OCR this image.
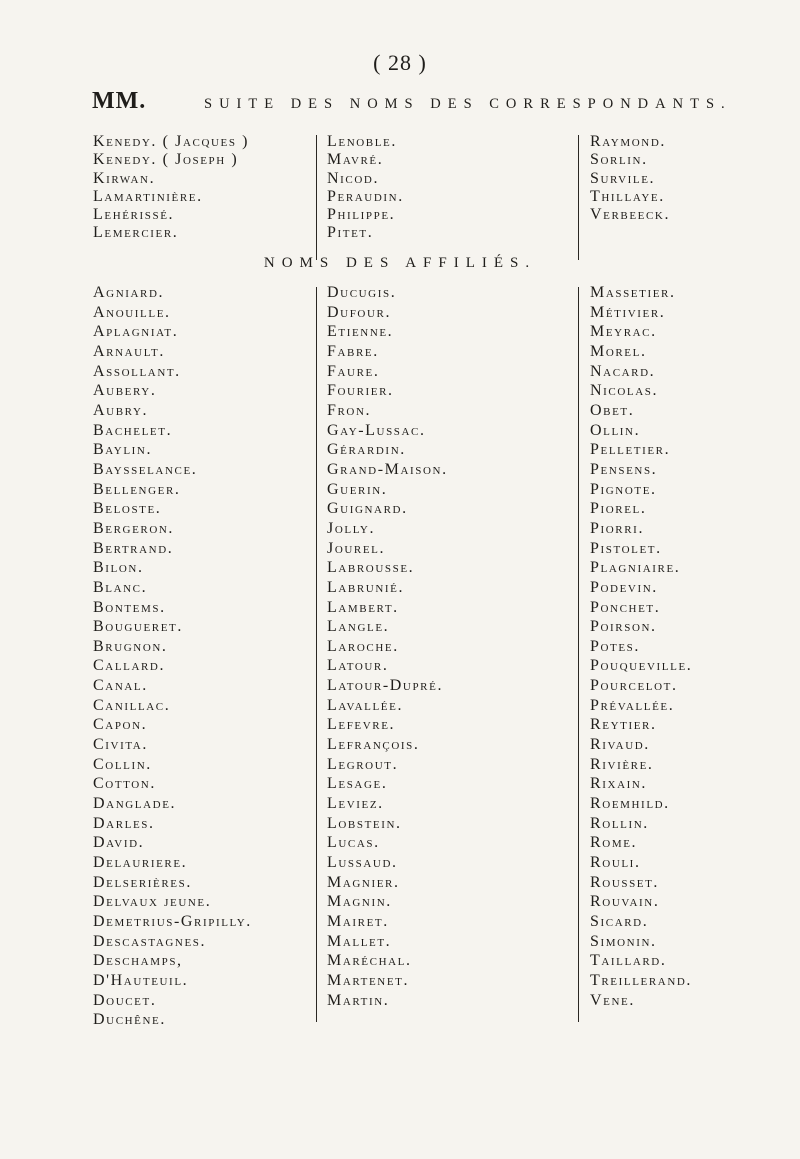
( 28 )
MM.	SUITE DES NOMS DES CORRESPONDANTS.
Kenedy. ( Jacques )
Kenedy. ( Joseph )
Kirwan.
Lamartinière.
Lehérissé.
Lemercier.
Lenoble.
Mavré.
Nicod.
Peraudin.
Philippe.
Pitet.
Raymond.
Sorlin.
Survile.
Thillaye.
Verbeeck.
NOMS DES AFFILIÉS.
Agniard.
Anouille.
Aplagniat.
Arnault.
Assollant.
Aubery.
Aubry.
Bachelet.
Baylin.
Baysselance.
Bellenger.
Beloste.
Bergeron.
Bertrand.
Bilon.
Blanc.
Bontems.
Bougueret.
Brugnon.
Callard.
Canal.
Canillac.
Capon.
Civita.
Collin.
Cotton.
Danglade.
Darles.
David.
Delauriere.
Delserières.
Delvaux jeune.
Demetrius-Gripilly.
Descastagnes.
Deschamps,
D'Hauteuil.
Doucet.
Duchêne.
Ducugis.
Dufour.
Etienne.
Fabre.
Faure.
Fourier.
Fron.
Gay-Lussac.
Gérardin.
Grand-Maison.
Guerin.
Guignard.
Jolly.
Jourel.
Labrousse.
Labrunié.
Lambert.
Langle.
Laroche.
Latour.
Latour-Dupré.
Lavallée.
Lefevre.
Lefrançois.
Legrout.
Lesage.
Leviez.
Lobstein.
Lucas.
Lussaud.
Magnier.
Magnin.
Mairet.
Mallet.
Maréchal.
Martenet.
Martin.
Massetier.
Métivier.
Meyrac.
Morel.
Nacard.
Nicolas.
Obet.
Ollin.
Pelletier.
Pensens.
Pignote.
Piorel.
Piorri.
Pistolet.
Plagniaire.
Podevin.
Ponchet.
Poirson.
Potes.
Pouqueville.
Pourcelot.
Prévallée.
Reytier.
Rivaud.
Rivière.
Rixain.
Roemhild.
Rollin.
Rome.
Rouli.
Rousset.
Rouvain.
Sicard.
Simonin.
Taillard.
Treillerand.
Vene.
